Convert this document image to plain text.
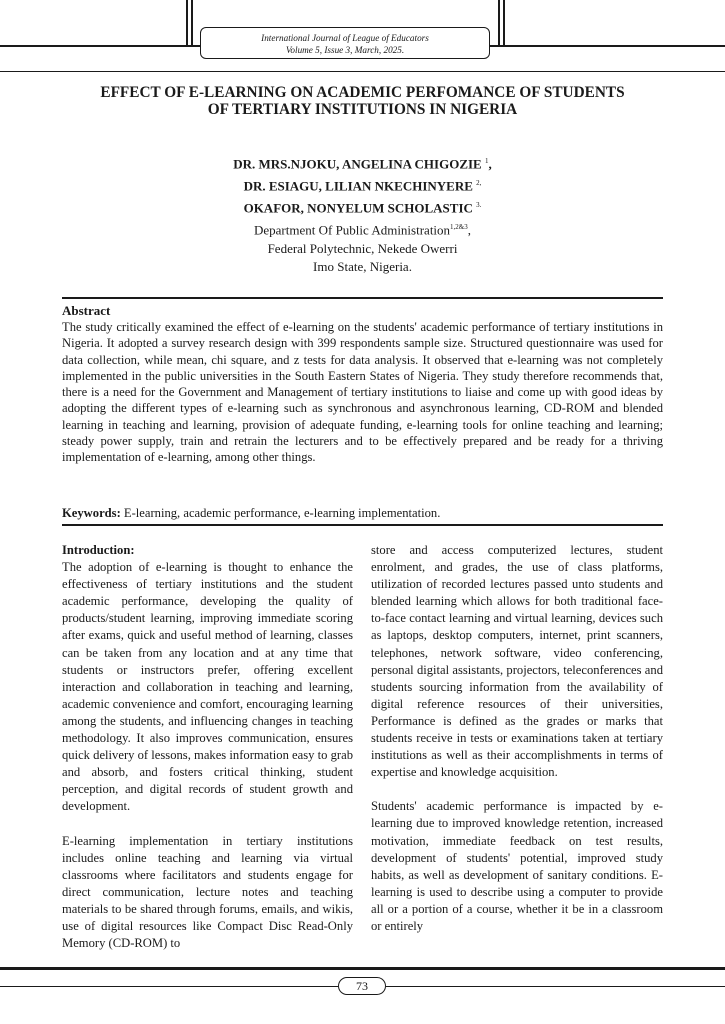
International Journal of League of Educators
Volume 5, Issue 3, March, 2025.
EFFECT OF E-LEARNING ON ACADEMIC PERFOMANCE OF STUDENTS
OF TERTIARY INSTITUTIONS IN NIGERIA
DR. MRS.NJOKU, ANGELINA CHIGOZIE $^1$,
DR. ESIAGU, LILIAN NKECHINYERE $^{2,}$
OKAFOR, NONYELUM SCHOLASTIC $^{3.}$
Department Of Public Administration$^{1,2\&3}$,
Federal Polytechnic, Nekede Owerri
Imo State, Nigeria.
Abstract
The study critically examined the effect of e-learning on the students' academic performance of tertiary institutions in Nigeria. It adopted a survey research design with 399 respondents sample size. Structured questionnaire was used for data collection, while mean, chi square, and z tests for data analysis. It observed that e-learning was not completely implemented in the public universities in the South Eastern States of Nigeria. They study therefore recommends that, there is a need for the Government and Management of tertiary institutions to liaise and come up with good ideas by adopting the different types of e-learning such as synchronous and asynchronous learning, CD-ROM and blended learning in teaching and learning, provision of adequate funding, e-learning tools for online teaching and learning; steady power supply, train and retrain the lecturers and to be effectively prepared and be ready for a thriving implementation of e-learning, among other things.
Keywords: E-learning, academic performance, e-learning implementation.
Introduction:

The adoption of e-learning is thought to enhance the effectiveness of tertiary institutions and the student academic performance, developing the quality of products/student learning, improving immediate scoring after exams, quick and useful method of learning, classes can be taken from any location and at any time that students or instructors prefer, offering excellent interaction and collaboration in teaching and learning, academic convenience and comfort, encouraging learning among the students, and influencing changes in teaching methodology. It also improves communication, ensures quick delivery of lessons, makes information easy to grab and absorb, and fosters critical thinking, student perception, and digital records of student growth and development.

E-learning implementation in tertiary institutions includes online teaching and learning via virtual classrooms where facilitators and students engage for direct communication, lecture notes and teaching materials to be shared through forums, emails, and wikis, use of digital resources like Compact Disc Read-Only Memory (CD-ROM) to

store and access computerized lectures, student enrolment, and grades, the use of class platforms, utilization of recorded lectures passed unto students and blended learning which allows for both traditional face-to-face contact learning and virtual learning, devices such as laptops, desktop computers, internet, print scanners, telephones, network software, video conferencing, personal digital assistants, projectors, teleconferences and students sourcing information from the availability of digital reference resources of their universities, Performance is defined as the grades or marks that students receive in tests or examinations taken at tertiary institutions as well as their accomplishments in terms of expertise and knowledge acquisition.

Students' academic performance is impacted by e-learning due to improved knowledge retention, increased motivation, immediate feedback on test results, development of students' potential, improved study habits, as well as development of sanitary conditions. E-learning is used to describe using a computer to provide all or a portion of a course, whether it be in a classroom or entirely

73
